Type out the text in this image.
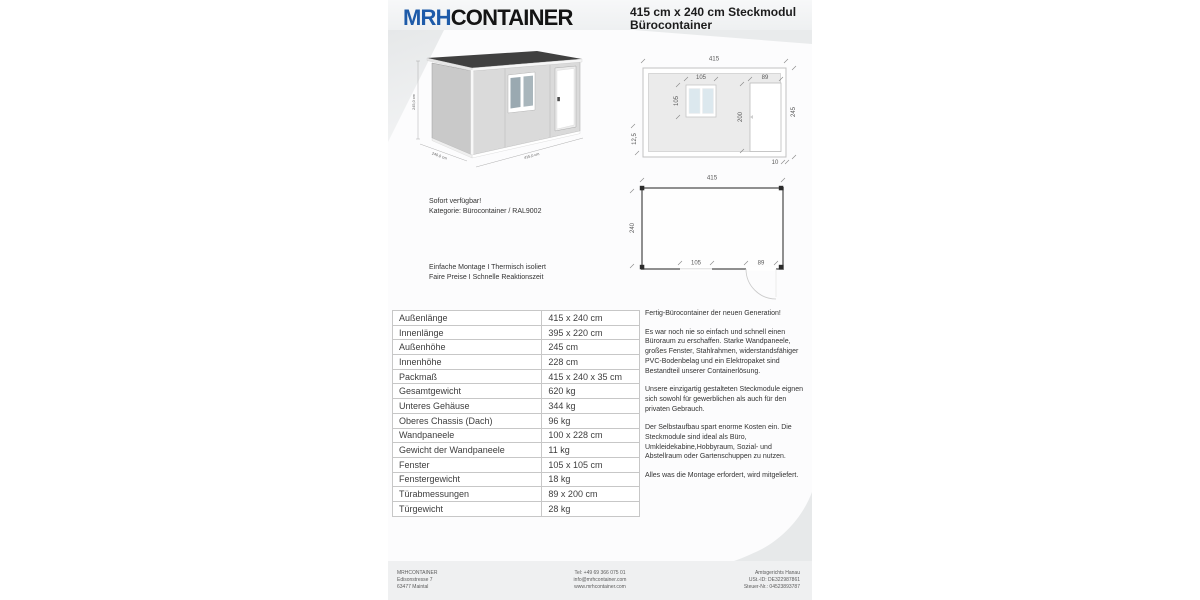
MRHCONTAINER	415 cm x 240 cm Steckmodul
Bürocontainer
245,0 cm
240,0 cm	415,0 cm
415
105	89
105
200	245
12,5
10
415
240
105	89
Sofort verfügbar!
Kategorie: Bürocontainer / RAL9002
Einfache Montage I Thermisch isoliert
Faire Preise I Schnelle Reaktionszeit
Außenlänge	415 x 240 cm
Innenlänge	395 x 220 cm
Außenhöhe	245 cm
Innenhöhe	228 cm
Packmaß	415 x 240 x 35 cm
Gesamtgewicht	620 kg
Unteres Gehäuse	344 kg
Oberes Chassis (Dach)	96 kg
Wandpaneele	100 x 228 cm
Gewicht der Wandpaneele	11 kg
Fenster	105 x 105 cm
Fenstergewicht	18 kg
Türabmessungen	89 x 200 cm
Türgewicht	28 kg

Fertig-Bürocontainer der neuen Generation!

Es war noch nie so einfach und schnell einen Büroraum zu erschaffen. Starke Wandpaneele, großes Fenster, Stahlrahmen, widerstandsfähiger PVC-Bodenbelag und ein Elektropaket sind Bestandteil unserer Containerlösung.

Unsere einzigartig gestalteten Steckmodule eignen sich sowohl für gewerblichen als auch für den privaten Gebrauch.

Der Selbstaufbau spart enorme Kosten ein. Die Steckmodule sind ideal als Büro, Umkleidekabine,Hobbyraum, Sozial- und Abstellraum oder Gartenschuppen zu nutzen.

Alles was die Montage erfordert, wird mitgeliefert.

MRHCONTAINER
Edisonstresse 7
63477 Maintal
Tel: +49 69 366 075 01
info@mrhcontainer.com
www.mrhcontainer.com
Amtsgerichts Hanau
USt.-ID: DE322987861
Steuer-Nr.: 04523893787
